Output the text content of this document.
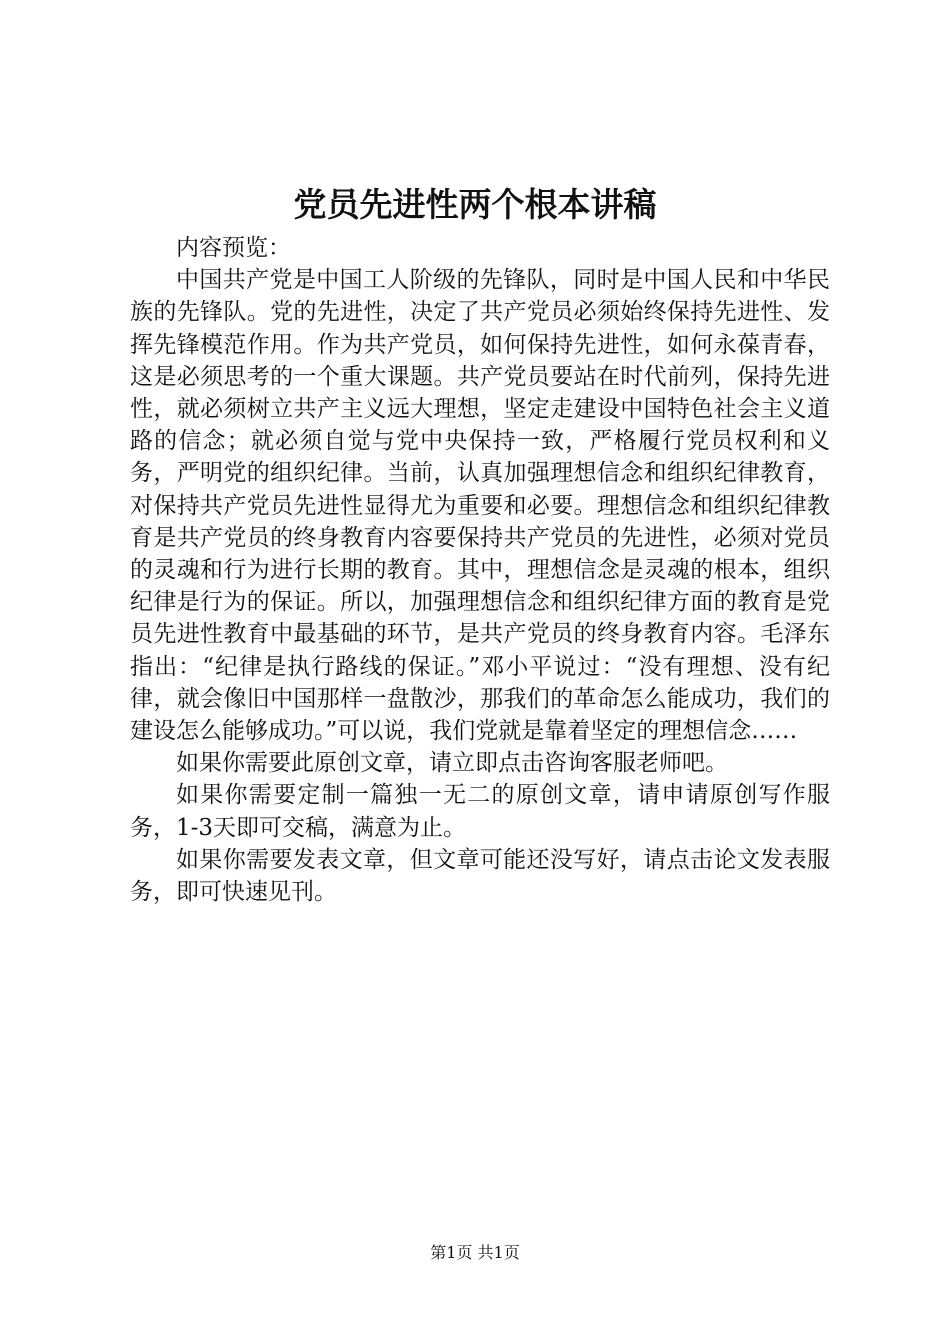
党员先进性两个根本讲稿

内容预览：

中国共产党是中国工人阶级的先锋队，同时是中国人民和中华民族的先锋队。党的先进性，决定了共产党员必须始终保持先进性、发挥先锋模范作用。作为共产党员，如何保持先进性，如何永葆青春，这是必须思考的一个重大课题。共产党员要站在时代前列，保持先进性，就必须树立共产主义远大理想，坚定走建设中国特色社会主义道路的信念；就必须自觉与党中央保持一致，严格履行党员权利和义务，严明党的组织纪律。当前，认真加强理想信念和组织纪律教育，对保持共产党员先进性显得尤为重要和必要。理想信念和组织纪律教育是共产党员的终身教育内容要保持共产党员的先进性，必须对党员的灵魂和行为进行长期的教育。其中，理想信念是灵魂的根本，组织纪律是行为的保证。所以，加强理想信念和组织纪律方面的教育是党员先进性教育中最基础的环节，是共产党员的终身教育内容。毛泽东指出：“纪律是执行路线的保证。”邓小平说过：“没有理想、没有纪律，就会像旧中国那样一盘散沙，那我们的革命怎么能成功，我们的建设怎么能够成功。”可以说，我们党就是靠着坚定的理想信念……

如果你需要此原创文章，请立即点击咨询客服老师吧。

如果你需要定制一篇独一无二的原创文章，请申请原创写作服务，1-3天即可交稿，满意为止。

如果你需要发表文章，但文章可能还没写好，请点击论文发表服务，即可快速见刊。

第1页 共1页
